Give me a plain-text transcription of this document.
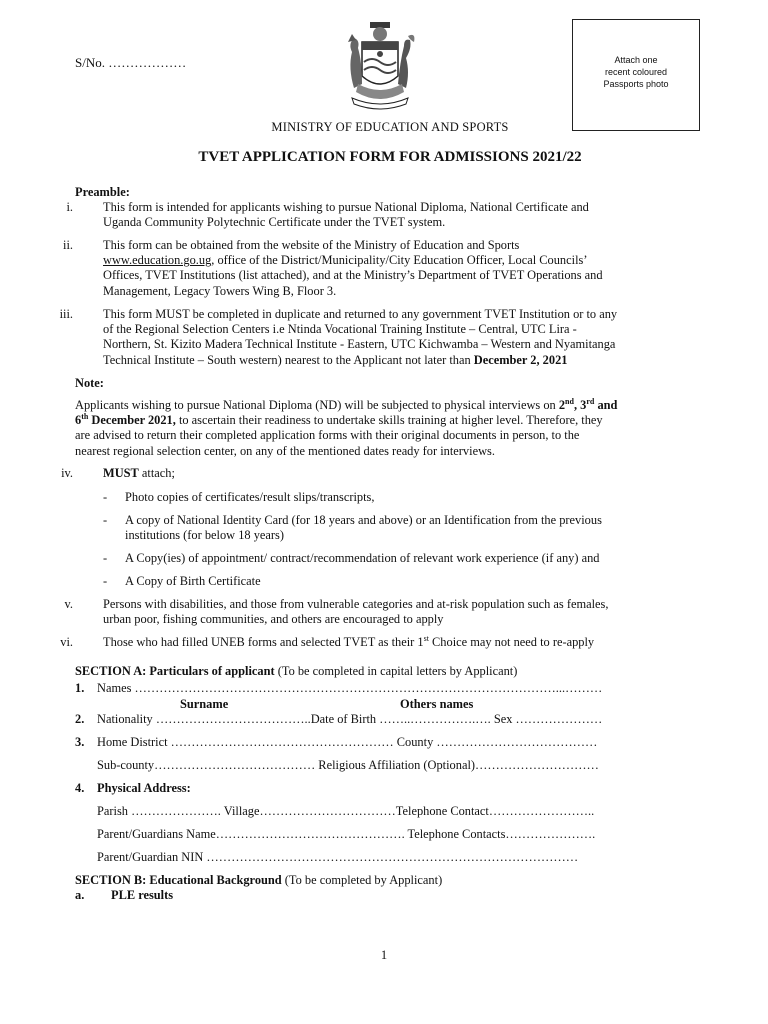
S/No. ………………	Attach one
recent coloured
Passports photo
MINISTRY OF EDUCATION AND SPORTS
TVET APPLICATION FORM FOR ADMISSIONS 2021/22
Preamble:
i. This form is intended for applicants wishing to pursue National Diploma, National Certificate and
Uganda Community Polytechnic Certificate under the TVET system.
ii. This form can be obtained from the website of the Ministry of Education and Sports
www.education.go.ug, office of the District/Municipality/City Education Officer, Local Councils’
Offices, TVET Institutions (list attached), and at the Ministry’s Department of TVET Operations and
Management, Legacy Towers Wing B, Floor 3.
iii. This form MUST be completed in duplicate and returned to any government TVET Institution or to any
of the Regional Selection Centers i.e Ntinda Vocational Training Institute – Central, UTC Lira -
Northern, St. Kizito Madera Technical Institute - Eastern, UTC Kichwamba – Western and Nyamitanga
Technical Institute – South western) nearest to the Applicant not later than December 2, 2021
Note:
Applicants wishing to pursue National Diploma (ND) will be subjected to physical interviews on 2nd, 3rd and
6th December 2021, to ascertain their readiness to undertake skills training at higher level. Therefore, they
are advised to return their completed application forms with their original documents in person, to the
nearest regional selection center, on any of the mentioned dates ready for interviews.
iv. MUST attach;
- Photo copies of certificates/result slips/transcripts,
- A copy of National Identity Card (for 18 years and above) or an Identification from the previous
institutions (for below 18 years)
- A Copy(ies) of appointment/ contract/recommendation of relevant work experience (if any) and
- A Copy of Birth Certificate
v. Persons with disabilities, and those from vulnerable categories and at-risk population such as females,
urban poor, fishing communities, and others are encouraged to apply
vi. Those who had filled UNEB forms and selected TVET as their 1st Choice may not need to re-apply
SECTION A: Particulars of applicant (To be completed in capital letters by Applicant)
1. Names …………………………………………………………………………………………...………
Surname	Others names
2. Nationality ………………………………..Date of Birth ……..…………….…. Sex …………………
3. Home District ……………………………………………… County …………………………………
Sub-county………………………………… Religious Affiliation (Optional)…………………………
4. Physical Address:
Parish …………………. Village……………………………Telephone Contact……………………..
Parent/Guardians Name………………………………………. Telephone Contacts………………….
Parent/Guardian NIN ………………………………………………………………………………
SECTION B: Educational Background (To be completed by Applicant)
a. PLE results
1
